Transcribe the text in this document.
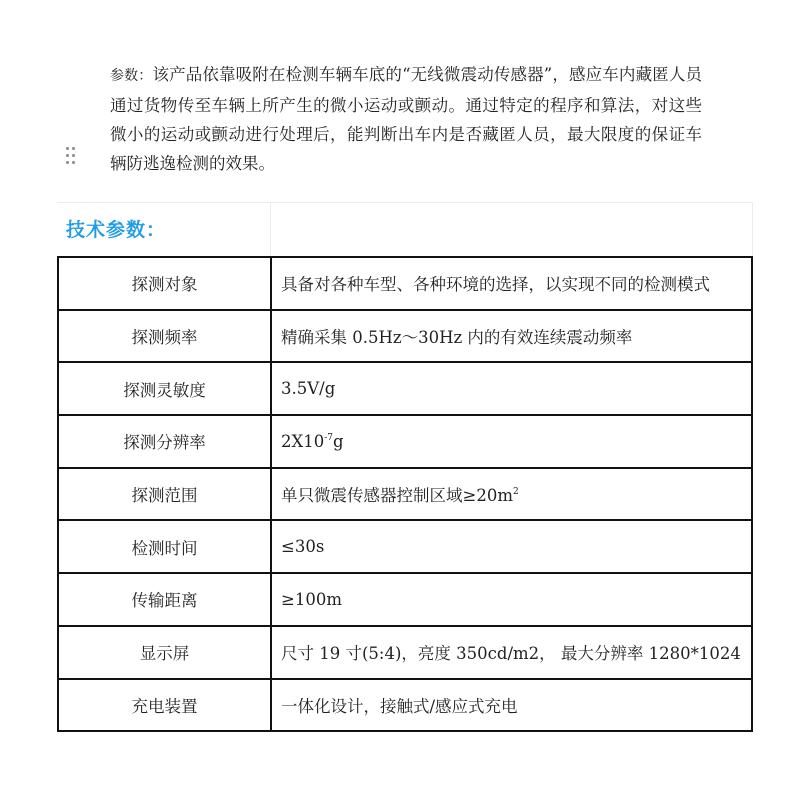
参数：该产品依靠吸附在检测车辆车底的“无线微震动传感器”，感应车内藏匿人员通过货物传至车辆上所产生的微小运动或颤动。通过特定的程序和算法，对这些微小的运动或颤动进行处理后，能判断出车内是否藏匿人员，最大限度的保证车辆防逃逸检测的效果。

技术参数：
探测对象	具备对各种车型、各种环境的选择，以实现不同的检测模式
探测频率	精确采集 0.5Hz～30Hz 内的有效连续震动频率
探测灵敏度	3.5V/g
探测分辨率	$2X10^{-7}g$
探测范围	单只微震传感器控制区域$\ge 20m^2$
检测时间	≤30s
传输距离	≥100m
显示屏	尺寸 19 寸(5:4)，亮度 350cd/m2， 最大分辨率 1280*1024
充电装置	一体化设计，接触式/感应式充电
